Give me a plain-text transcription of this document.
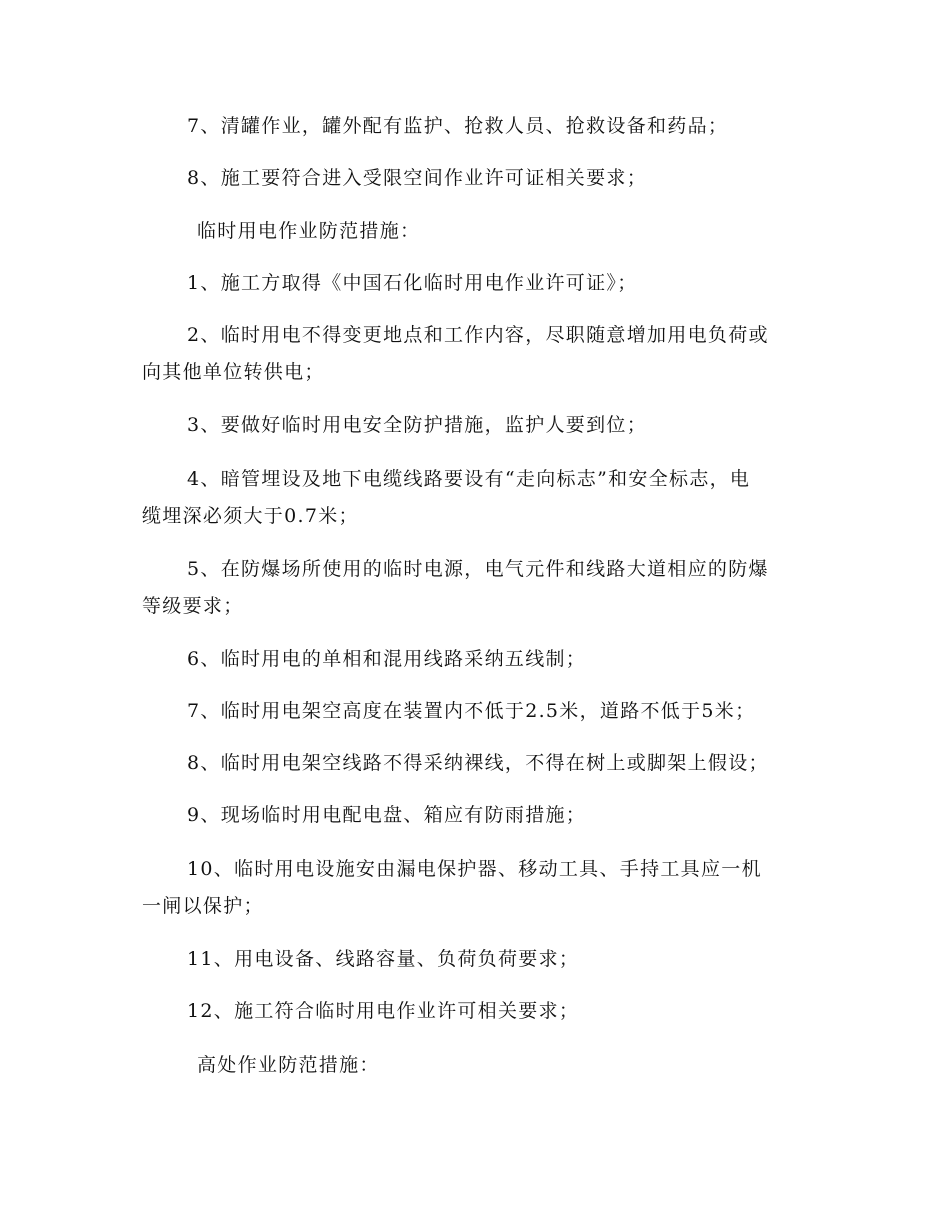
7、清罐作业，罐外配有监护、抢救人员、抢救设备和药品；

8、施工要符合进入受限空间作业许可证相关要求；

临时用电作业防范措施：

1、施工方取得《中国石化临时用电作业许可证》；

2、临时用电不得变更地点和工作内容，尽职随意增加用电负荷或

向其他单位转供电；

3、要做好临时用电安全防护措施，监护人要到位；

4、暗管埋设及地下电缆线路要设有“走向标志”和安全标志，电

缆埋深必须大于0.7米；

5、在防爆场所使用的临时电源，电气元件和线路大道相应的防爆

等级要求；

6、临时用电的单相和混用线路采纳五线制；

7、临时用电架空高度在装置内不低于2.5米，道路不低于5米；

8、临时用电架空线路不得采纳裸线，不得在树上或脚架上假设；

9、现场临时用电配电盘、箱应有防雨措施；

10、临时用电设施安由漏电保护器、移动工具、手持工具应一机

一闸以保护；

11、用电设备、线路容量、负荷负荷要求；

12、施工符合临时用电作业许可相关要求；

高处作业防范措施：
